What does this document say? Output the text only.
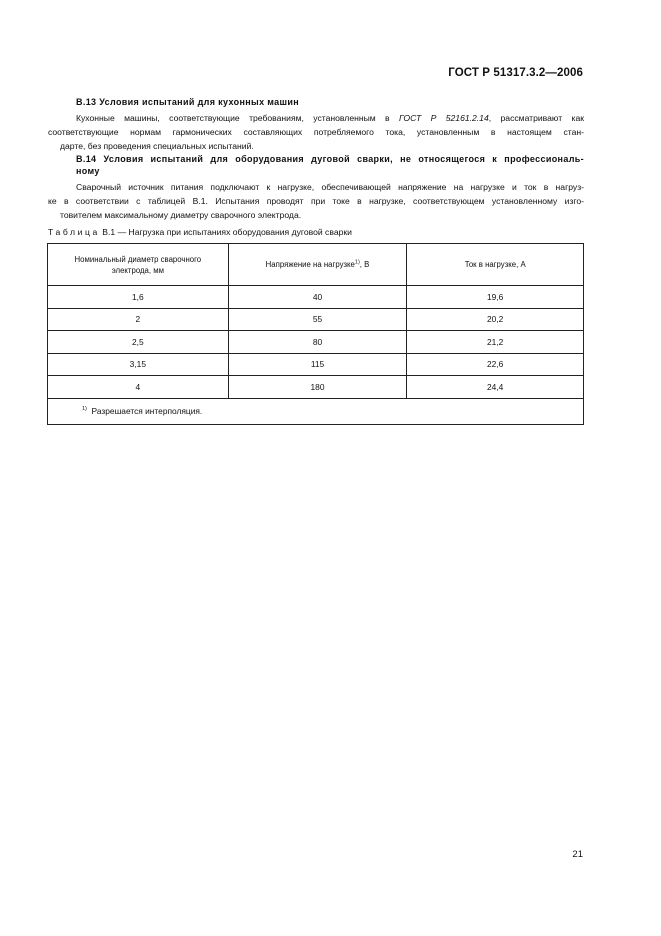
ГОСТ Р 51317.3.2—2006
В.13 Условия испытаний для кухонных машин
Кухонные машины, соответствующие требованиям, установленным в ГОСТ Р 52161.2.14, рассматривают как
соответствующие нормам гармонических составляющих потребляемого тока, установленным в настоящем стан-
дарте, без проведения специальных испытаний.
В.14 Условия испытаний для оборудования дуговой сварки, не относящегося к профессиональ-
ному
Сварочный источник питания подключают к нагрузке, обеспечивающей напряжение на нагрузке и ток в нагруз-
ке в соответствии с таблицей В.1. Испытания проводят при токе в нагрузке, соответствующем установленному изго-
товителем максимальному диаметру сварочного электрода.
Таблица В.1 — Нагрузка при испытаниях оборудования дуговой сварки
Номинальный диаметр сварочного
электрода, мм	Напряжение на нагрузке$^{1)}$, В	Ток в нагрузке, А
1,6	40	19,6
2	55	20,2
2,5	80	21,2
3,15	115	22,6
4	180	24,4
$^{1)}$ Разрешается интерполяция.		
21
